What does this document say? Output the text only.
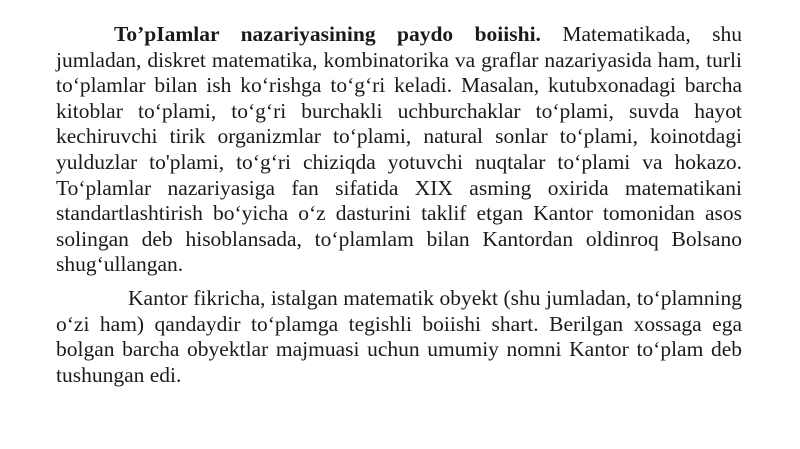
To’pIamlar nazariyasining paydo boiishi. Matematikada, shu jumladan, diskret matematika, kombinatorika va graflar nazariyasida ham, turli to‘plamlar bilan ish ko‘rishga to‘g‘ri keladi. Masalan, kutubxonadagi barcha kitoblar to‘plami, to‘g‘ri burchakli uchburchaklar to‘plami, suvda hayot kechiruvchi tirik organizmlar to‘plami, natural sonlar to‘plami, koinotdagi yulduzlar to'plami, to‘g‘ri chiziqda yotuvchi nuqtalar to‘plami va hokazo. To‘plamlar nazariyasiga fan sifatida XIX asming oxirida matematikani standartlashtirish bo‘yicha o‘z dasturini taklif etgan Kantor tomonidan asos solingan deb hisoblansada, to‘plamlam bilan Kantordan oldinroq Bolsano shug‘ullangan.

Kantor fikricha, istalgan matematik obyekt (shu jumladan, to‘plamning o‘zi ham) qandaydir to‘plamga tegishli boiishi shart. Berilgan xossaga ega bolgan barcha obyektlar majmuasi uchun umumiy nomni Kantor to‘plam deb tushungan edi.
